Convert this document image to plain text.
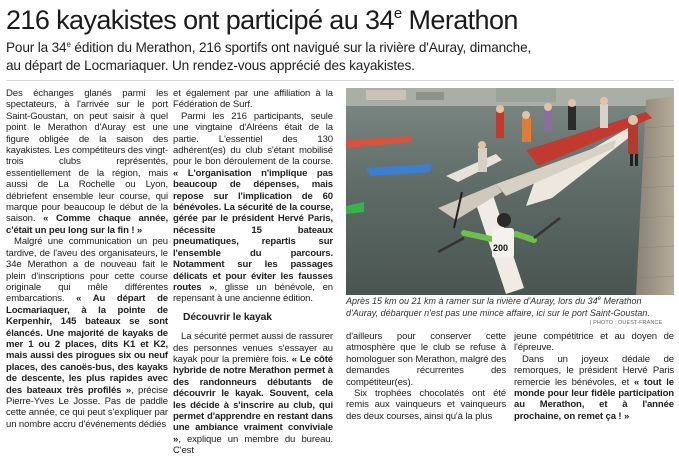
216 kayakistes ont participé au 34e Merathon

Pour la 34e édition du Merathon, 216 sportifs ont navigué sur la rivière d'Auray, dimanche,

au départ de Locmariaquer. Un rendez-vous apprécié des kayakistes.

Des échanges glanés parmi les spectateurs, à l'arrivée sur le port Saint-Goustan, on peut saisir à quel point le Merathon d'Auray est une figure obligée de la saison des kayakistes. Les compétiteurs des vingt-trois clubs représentés, essentiellement de la région, mais aussi de La Rochelle ou Lyon, débriefent ensemble leur course, qui marque pour beaucoup le début de la saison. « Comme chaque année, c'était un peu long sur la fin ! »

Malgré une communication un peu tardive, de l'aveu des organisateurs, le 34e Merathon a de nouveau fait le plein d'inscriptions pour cette course originale qui mêle différentes embarcations. « Au départ de Locmariaquer, à la pointe de Kerpenhir, 145 bateaux se sont élancés. Une majorité de kayaks de mer 1 ou 2 places, dits K1 et K2, mais aussi des pirogues six ou neuf places, des canoës-bus, des kayaks de descente, les plus rapides avec des bateaux très profilés », précise Pierre-Yves Le Josse. Pas de paddle cette année, ce qui peut s'expliquer par un nombre accru d'événements dédiés

et également par une affiliation à la Fédération de Surf.

Parmi les 216 participants, seule une vingtaine d'Alréens était de la partie. L'essentiel des 130 adhérent(es) du club s'étant mobilisé pour le bon déroulement de la course. « L'organisation n'implique pas beaucoup de dépenses, mais repose sur l'implication de 60 bénévoles. La sécurité de la course, gérée par le président Hervé Paris, nécessite 15 bateaux pneumatiques, repartis sur l'ensemble du parcours. Notamment sur les passages délicats et pour éviter les fausses routes », glisse un bénévole, en repensant à une ancienne édition.

Découvrir le kayak

La sécurité permet aussi de rassurer des personnes venues s'essayer au kayak pour la première fois. « Le côté hybride de notre Merathon permet à des randonneurs débutants de découvrir le kayak. Souvent, cela les décide à s'inscrire au club, qui permet d'apprendre en restant dans une ambiance vraiment conviviale », explique un membre du bureau. C'est

200
Après 15 km ou 21 km à ramer sur la rivière d'Auray, lors du 34e Merathon d'Auray, débarquer n'est pas une mince affaire, ici sur le port Saint-Goustan.
| PHOTO : OUEST-FRANCE

d'ailleurs pour conserver cette atmosphère que le club se refuse à homologuer son Merathon, malgré des demandes récurrentes des compétiteur(es).

Six trophées chocolatés ont été remis aux vainqueurs et vainqueurs des deux courses, ainsi qu'à la plus

jeune compétitrice et au doyen de l'épreuve.

Dans un joyeux dédale de remorques, le président Hervé Paris remercie les bénévoles, et « tout le monde pour leur fidèle participation au Merathon, et à l'année prochaine, on remet ça ! »
